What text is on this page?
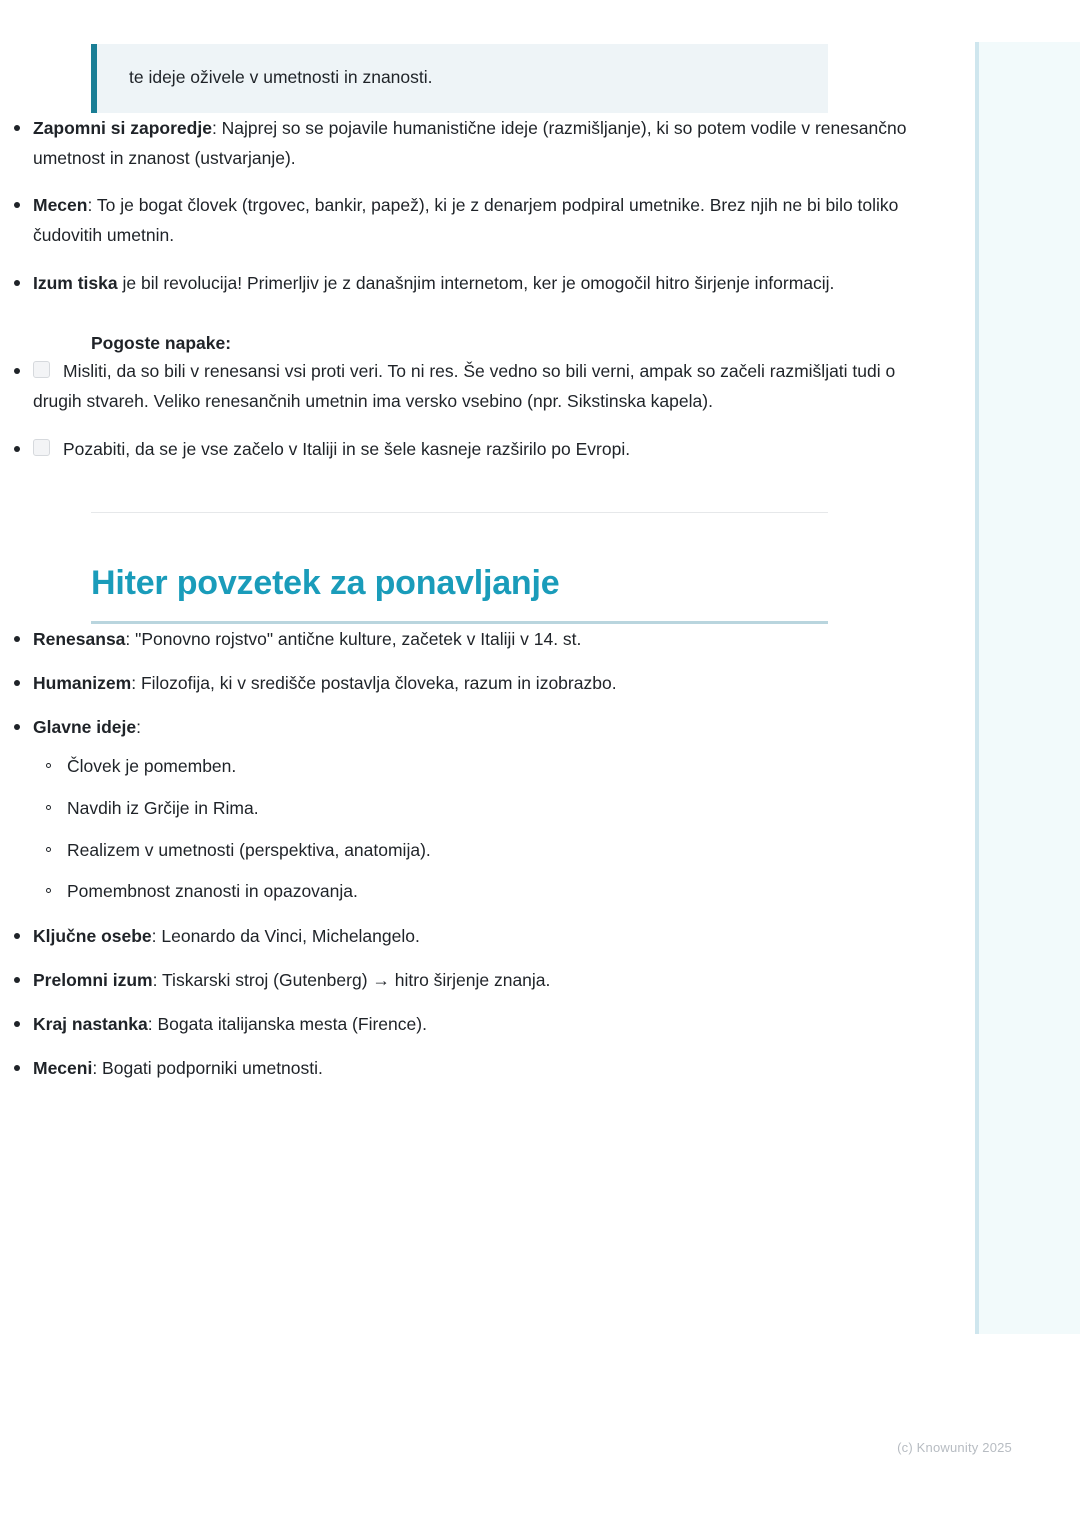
te ideje oživele v umetnosti in znanosti.

Zapomni si zaporedje: Najprej so se pojavile humanistične ideje (razmišljanje), ki so potem vodile v renesančno umetnost in znanost (ustvarjanje).
Mecen: To je bogat človek (trgovec, bankir, papež), ki je z denarjem podpiral umetnike. Brez njih ne bi bilo toliko čudovitih umetnin.
Izum tiska je bil revolucija! Primerljiv je z današnjim internetom, ker je omogočil hitro širjenje informacij.
Pogoste napake:
Misliti, da so bili v renesansi vsi proti veri. To ni res. Še vedno so bili verni, ampak so začeli razmišljati tudi o drugih stvareh. Veliko renesančnih umetnin ima versko vsebino (npr. Sikstinska kapela).
Pozabiti, da se je vse začelo v Italiji in se šele kasneje razširilo po Evropi.
Hiter povzetek za ponavljanje
Renesansa: "Ponovno rojstvo" antične kulture, začetek v Italiji v 14. st.
Humanizem: Filozofija, ki v središče postavlja človeka, razum in izobrazbo.
Glavne ideje:
Človek je pomemben.
Navdih iz Grčije in Rima.
Realizem v umetnosti (perspektiva, anatomija).
Pomembnost znanosti in opazovanja.
Ključne osebe: Leonardo da Vinci, Michelangelo.
Prelomni izum: Tiskarski stroj (Gutenberg) → hitro širjenje znanja.
Kraj nastanka: Bogata italijanska mesta (Firence).
Meceni: Bogati podporniki umetnosti.
(c) Knowunity 2025
